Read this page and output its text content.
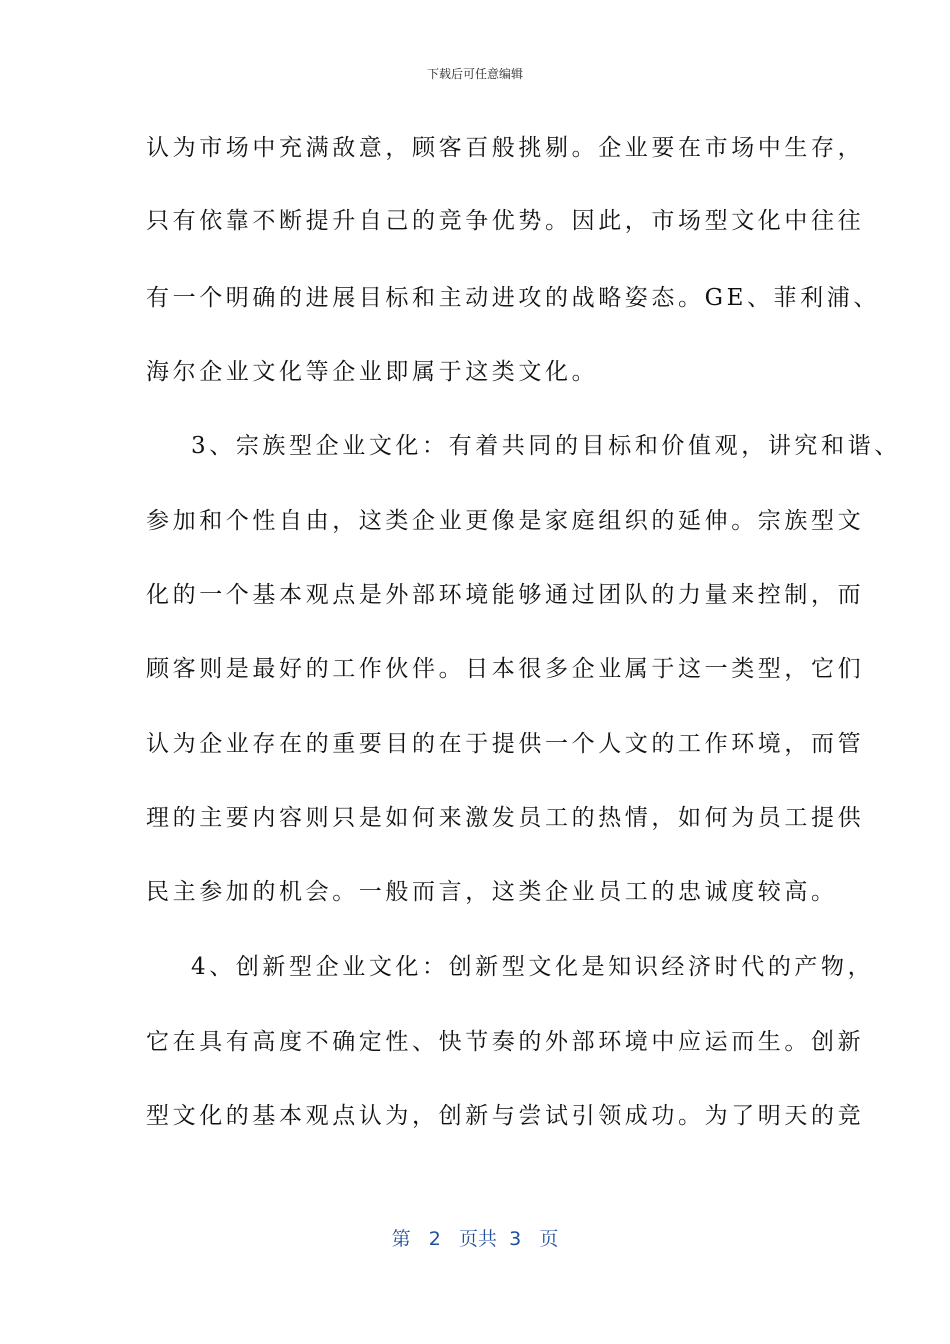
下载后可任意编辑
认为市场中充满敌意，顾客百般挑剔。企业要在市场中生存，
只有依靠不断提升自己的竞争优势。因此，市场型文化中往往
有一个明确的进展目标和主动进攻的战略姿态。GE、菲利浦、
海尔企业文化等企业即属于这类文化。
3、宗族型企业文化：有着共同的目标和价值观，讲究和谐、
参加和个性自由，这类企业更像是家庭组织的延伸。宗族型文
化的一个基本观点是外部环境能够通过团队的力量来控制，而
顾客则是最好的工作伙伴。日本很多企业属于这一类型，它们
认为企业存在的重要目的在于提供一个人文的工作环境，而管
理的主要内容则只是如何来激发员工的热情，如何为员工提供
民主参加的机会。一般而言，这类企业员工的忠诚度较高。
4、创新型企业文化：创新型文化是知识经济时代的产物，
它在具有高度不确定性、快节奏的外部环境中应运而生。创新
型文化的基本观点认为，创新与尝试引领成功。为了明天的竞
第 2 页共 3 页
